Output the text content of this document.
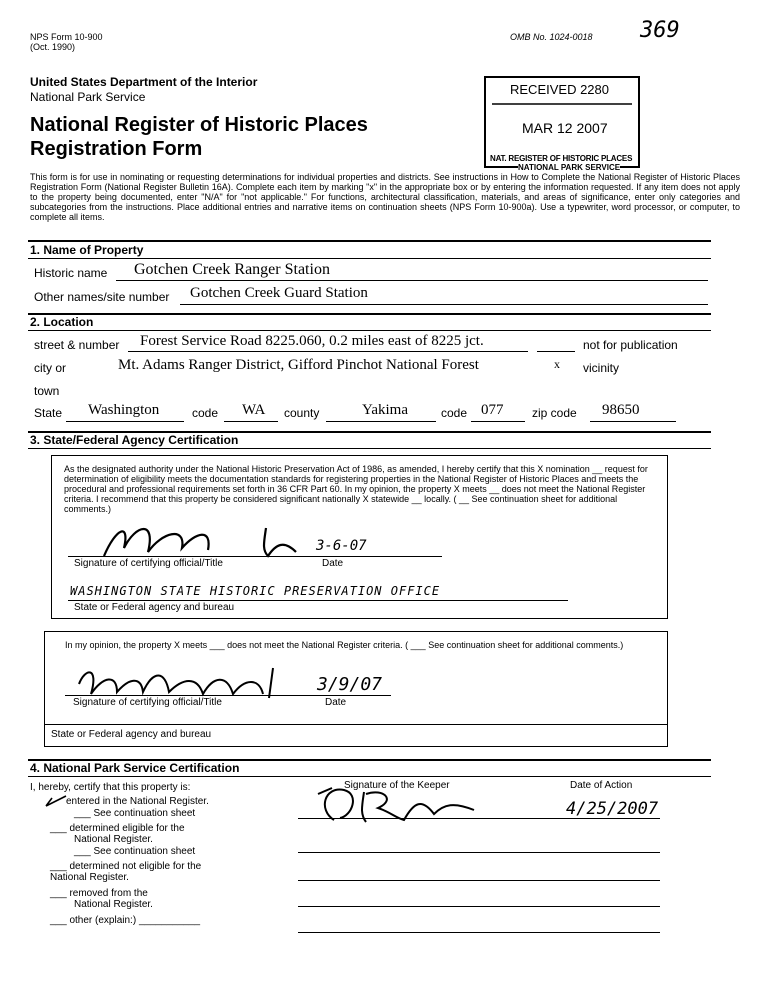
NPS Form 10-900
(Oct. 1990)
OMB No. 1024-0018 369
United States Department of the Interior
National Park Service
National Register of Historic Places
Registration Form
RECEIVED 2280
MAR 12 2007
NAT. REGISTER OF HISTORIC PLACES
NATIONAL PARK SERVICE

This form is for use in nominating or requesting determinations for individual properties and districts. See instructions in How to Complete the National Register of Historic Places Registration Form (National Register Bulletin 16A). Complete each item by marking "x" in the appropriate box or by entering the information requested. If any item does not apply to the property being documented, enter "N/A" for "not applicable." For functions, architectural classification, materials, and areas of significance, enter only categories and subcategories from the instructions. Place additional entries and narrative items on continuation sheets (NPS Form 10-900a). Use a typewriter, word processor, or computer, to complete all items.

1. Name of Property
Historic name Gotchen Creek Ranger Station
Other names/site number Gotchen Creek Guard Station
2. Location
street & number Forest Service Road 8225.060, 0.2 miles east of 8225 jct.	not for publication
city or
town
Mt. Adams Ranger District, Gifford Pinchot National Forest	x vicinity
State Washington	code WA county	Yakima	code 077 zip code 98650
3. State/Federal Agency Certification

As the designated authority under the National Historic Preservation Act of 1986, as amended, I hereby certify that this X nomination __ request for determination of eligibility meets the documentation standards for registering properties in the National Register of Historic Places and meets the procedural and professional requirements set forth in 36 CFR Part 60. In my opinion, the property X meets __ does not meet the National Register criteria. I recommend that this property be considered significant nationally X statewide __ locally. ( __ See continuation sheet for additional comments.)

3-6-07
Signature of certifying official/Title	Date
WASHINGTON STATE HISTORIC PRESERVATION OFFICE
State or Federal agency and bureau

In my opinion, the property X meets ___ does not meet the National Register criteria. ( ___ See continuation sheet for additional comments.)

3/9/07
Signature of certifying official/Title	Date
State or Federal agency and bureau
4. National Park Service Certification
I, hereby, certify that this property is:
entered in the National Register.
___ See continuation sheet
___ determined eligible for the
National Register.
___ See continuation sheet
___ determined not eligible for the
National Register.
___ removed from the
National Register.
___ other (explain:) ___________
Signature of the Keeper	Date of Action
4/25/2007
